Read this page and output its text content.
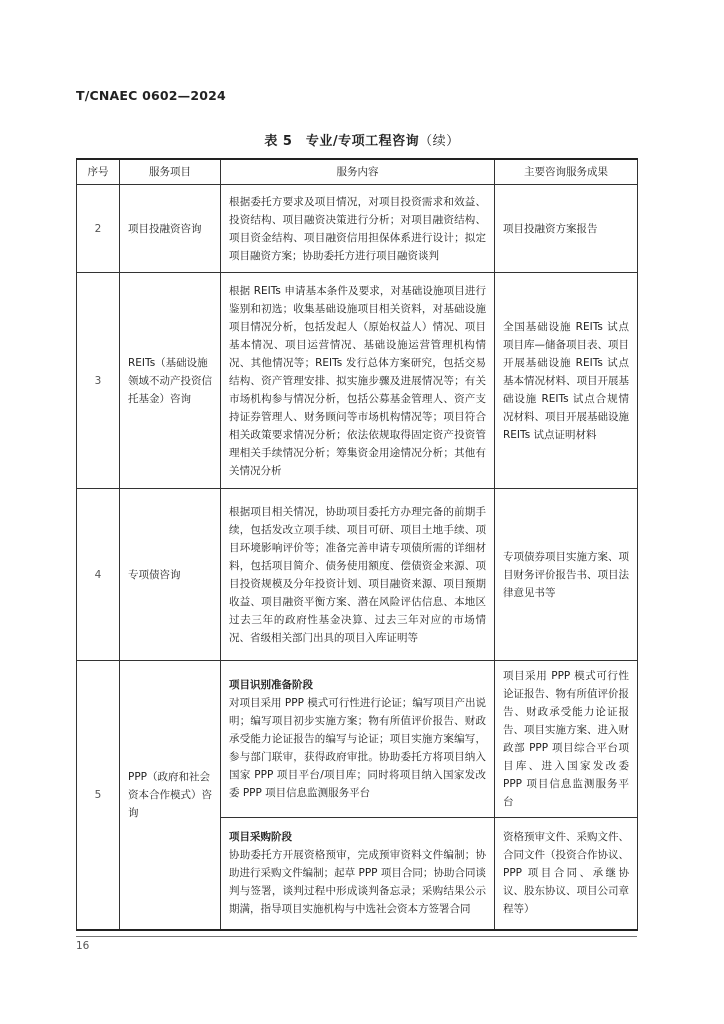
T/CNAEC 0602—2024
表 5　专业/专项工程咨询（续）
序号	服务项目	服务内容	主要咨询服务成果
2	项目投融资咨询	根据委托方要求及项目情况，对项目投资需求和效益、投资结构、项目融资决策进行分析；对项目融资结构、项目资金结构、项目融资信用担保体系进行设计；拟定项目融资方案；协助委托方进行项目融资谈判	项目投融资方案报告
3	REITs（基础设施领域不动产投资信托基金）咨询	根据 REITs 申请基本条件及要求，对基础设施项目进行鉴别和初选；收集基础设施项目相关资料，对基础设施项目情况分析，包括发起人（原始权益人）情况、项目基本情况、项目运营情况、基础设施运营管理机构情况、其他情况等；REITs 发行总体方案研究，包括交易结构、资产管理安排、拟实施步骤及进展情况等；有关市场机构参与情况分析，包括公募基金管理人、资产支持证券管理人、财务顾问等市场机构情况等；项目符合相关政策要求情况分析；依法依规取得固定资产投资管理相关手续情况分析；筹集资金用途情况分析；其他有关情况分析	全国基础设施 REITs 试点项目库—储备项目表、项目开展基础设施 REITs 试点基本情况材料、项目开展基础设施 REITs 试点合规情况材料、项目开展基础设施 REITs 试点证明材料
4	专项债咨询	根据项目相关情况，协助项目委托方办理完备的前期手续，包括发改立项手续、项目可研、项目土地手续、项目环境影响评价等；准备完善申请专项债所需的详细材料，包括项目简介、债务使用额度、偿债资金来源、项目投资规模及分年投资计划、项目融资来源、项目预期收益、项目融资平衡方案、潜在风险评估信息、本地区过去三年的政府性基金决算、过去三年对应的市场情况、省级相关部门出具的项目入库证明等	专项债券项目实施方案、项目财务评价报告书、项目法律意见书等
5	PPP（政府和社会资本合作模式）咨询	项目识别准备阶段
对项目采用 PPP 模式可行性进行论证；编写项目产出说明；编写项目初步实施方案；物有所值评价报告、财政承受能力论证报告的编写与论证；项目实施方案编写，参与部门联审，获得政府审批。协助委托方将项目纳入国家 PPP 项目平台/项目库；同时将项目纳入国家发改委 PPP 项目信息监测服务平台	项目采用 PPP 模式可行性论证报告、物有所值评价报告、财政承受能力论证报告、项目实施方案、进入财政部 PPP 项目综合平台项目库、进入国家发改委 PPP 项目信息监测服务平台

		项目采购阶段
协助委托方开展资格预审，完成预审资料文件编制；协助进行采购文件编制；起草 PPP 项目合同；协助合同谈判与签署，谈判过程中形成谈判备忘录；采购结果公示期满，指导项目实施机构与中选社会资本方签署合同	资格预审文件、采购文件、合同文件（投资合作协议、PPP 项目合同、承继协议、股东协议、项目公司章程等）
16
